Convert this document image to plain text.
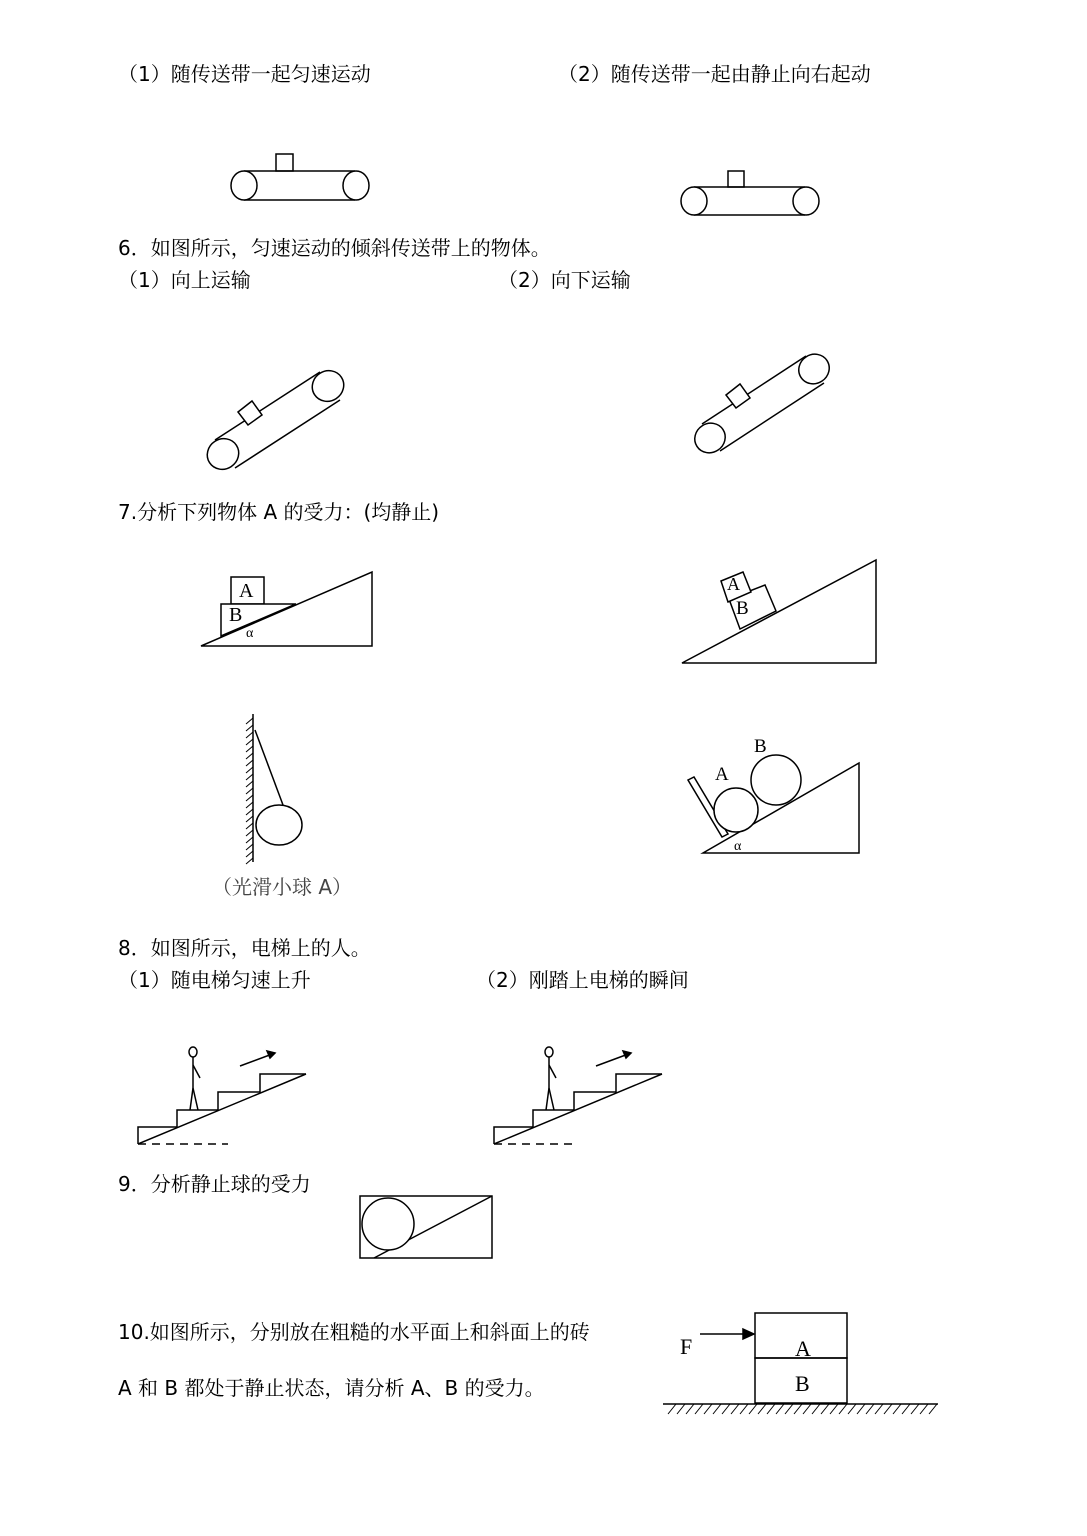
（1）随传送带一起匀速运动	（2）随传送带一起由静止向右起动
6．如图所示，匀速运动的倾斜传送带上的物体。
（1）向上运输	（2）向下运输
A
B
α
A
B
A
B
α
F	A
B
7.分析下列物体 A 的受力：(均静止)
（光滑小球 A）
8．如图所示，电梯上的人。
（1）随电梯匀速上升	（2）刚踏上电梯的瞬间
9．分析静止球的受力
10.如图所示，分别放在粗糙的水平面上和斜面上的砖
A 和 B 都处于静止状态，请分析 A、B 的受力。
